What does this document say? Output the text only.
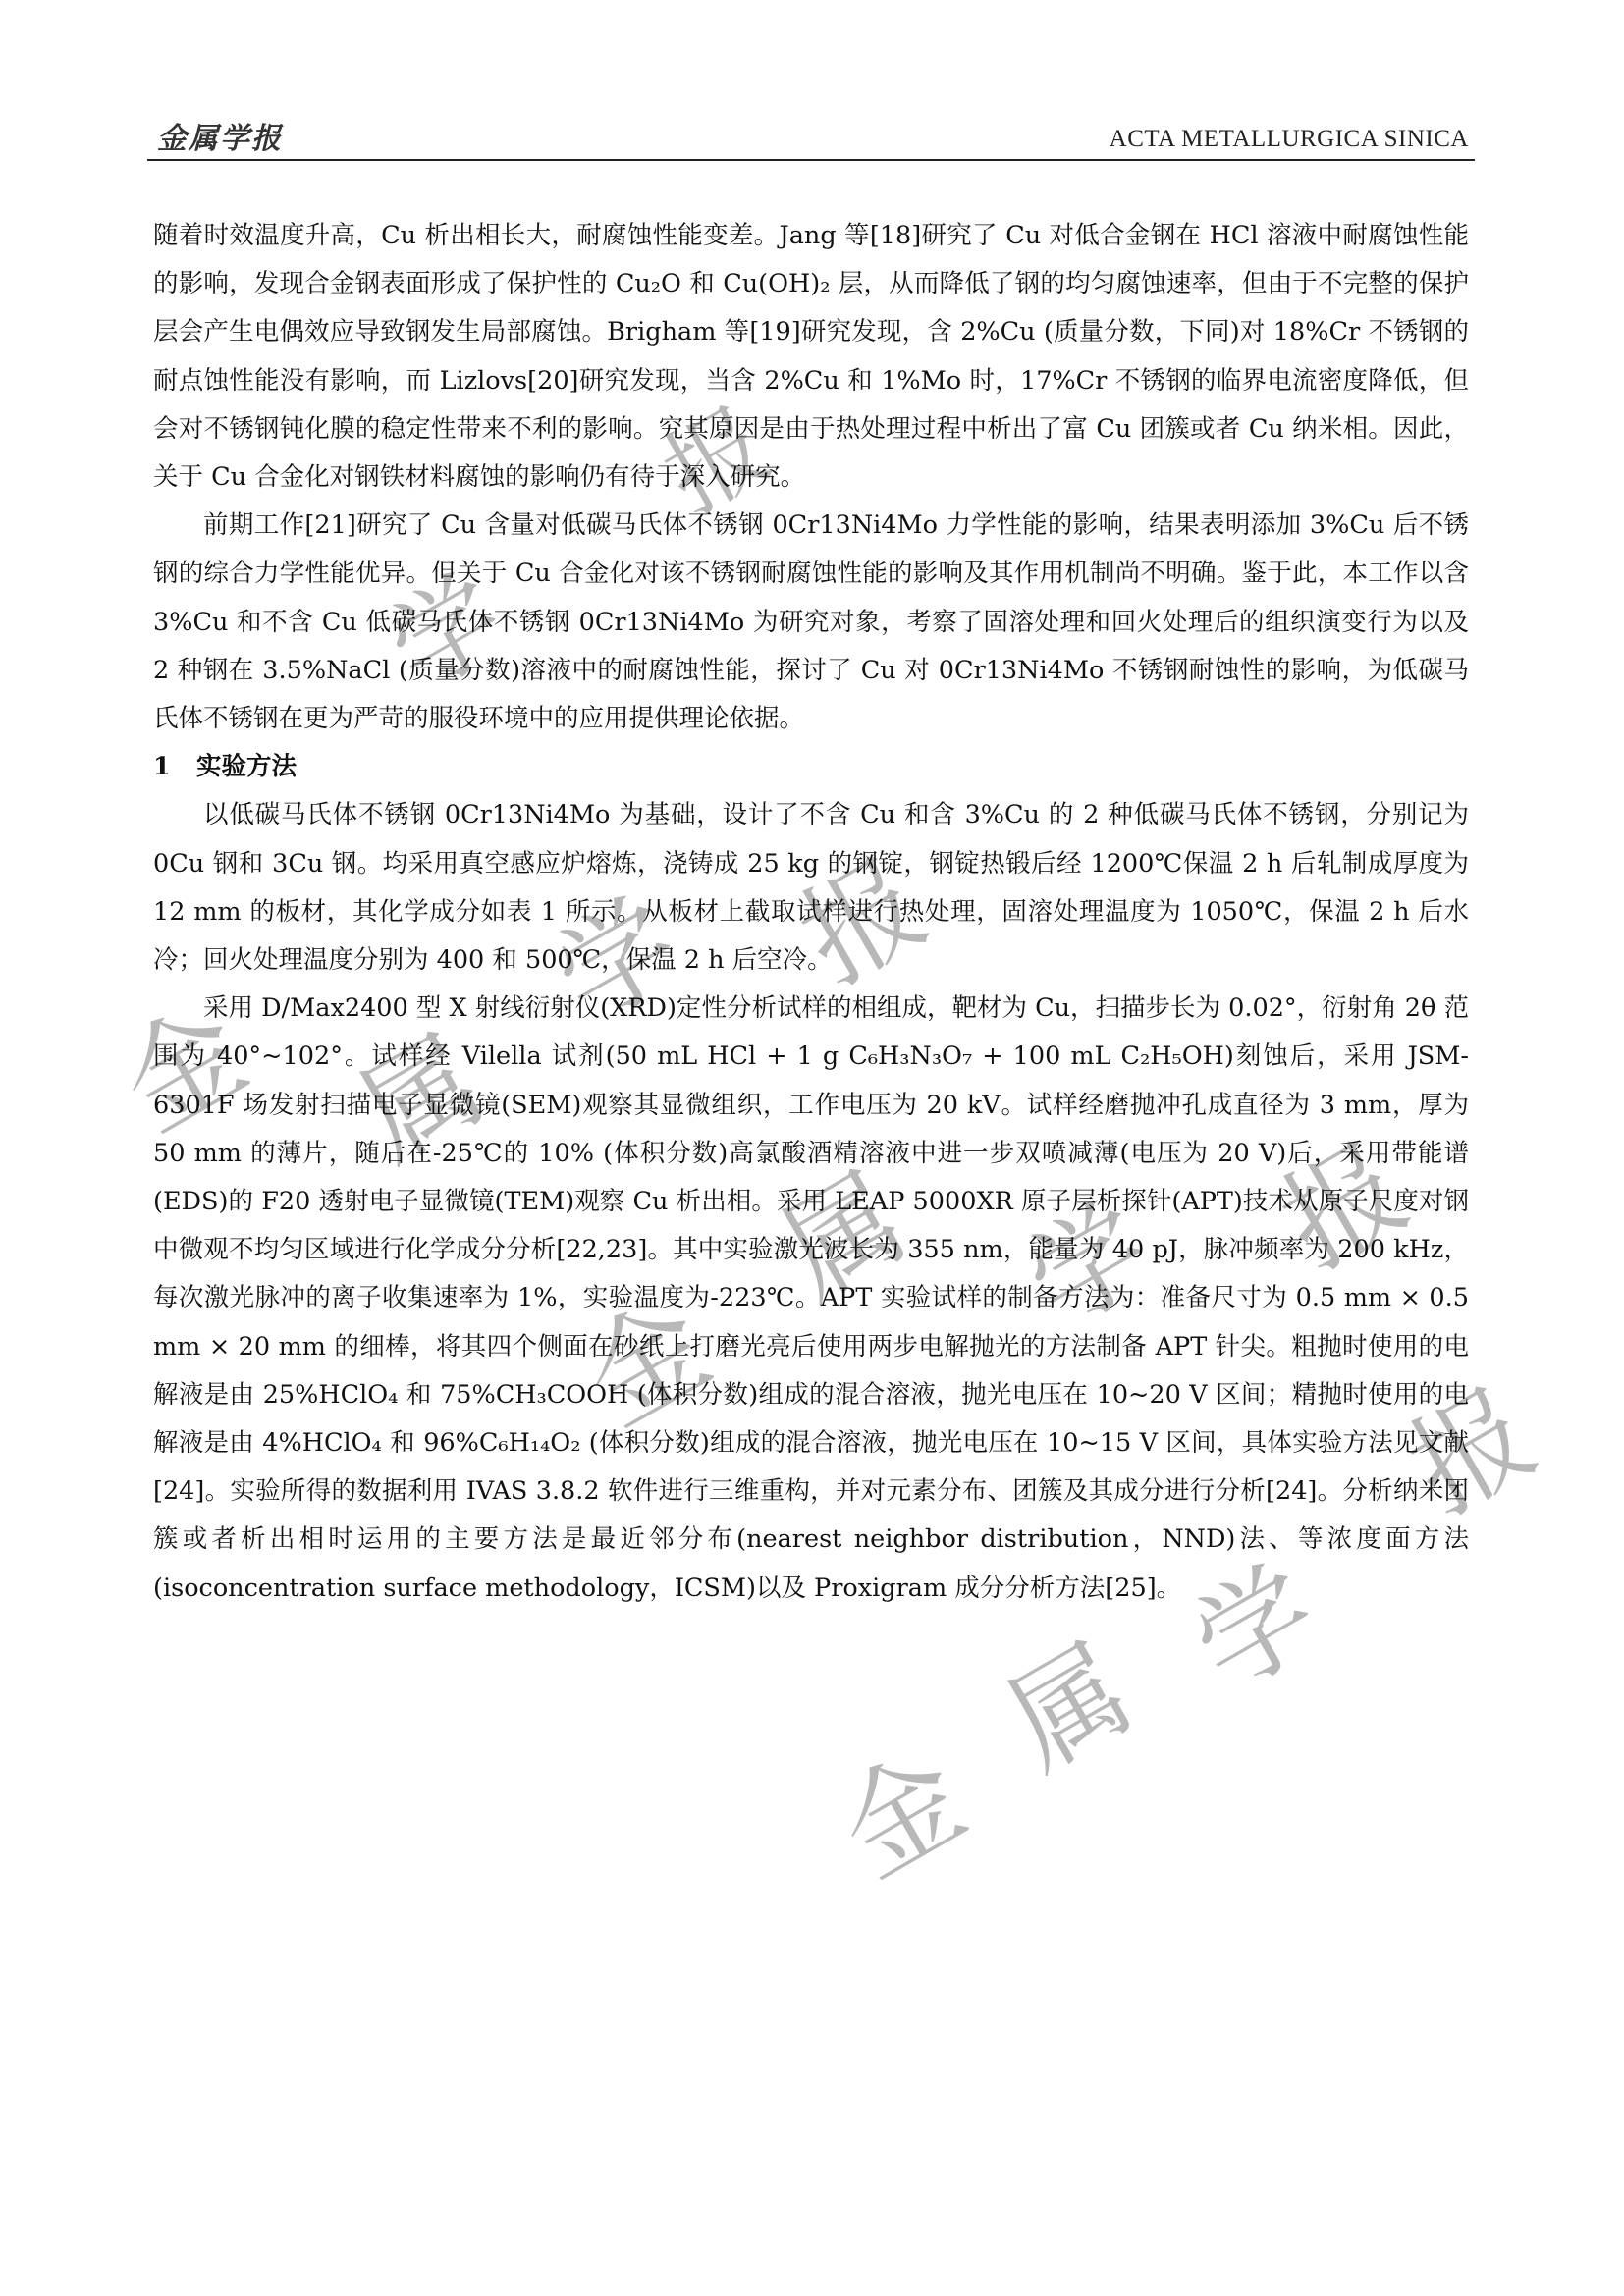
金属学报	ACTA METALLURGICA SINICA

随着时效温度升高，Cu 析出相长大，耐腐蚀性能变差。Jang 等[18]研究了 Cu 对低合金钢在 HCl 溶液中耐腐蚀性能的影响，发现合金钢表面形成了保护性的 Cu₂O 和 Cu(OH)₂ 层，从而降低了钢的均匀腐蚀速率，但由于不完整的保护层会产生电偶效应导致钢发生局部腐蚀。Brigham 等[19]研究发现，含 2%Cu (质量分数，下同)对 18%Cr 不锈钢的耐点蚀性能没有影响，而 Lizlovs[20]研究发现，当含 2%Cu 和 1%Mo 时，17%Cr 不锈钢的临界电流密度降低，但会对不锈钢钝化膜的稳定性带来不利的影响。究其原因是由于热处理过程中析出了富 Cu 团簇或者 Cu 纳米相。因此，关于 Cu 合金化对钢铁材料腐蚀的影响仍有待于深入研究。

前期工作[21]研究了 Cu 含量对低碳马氏体不锈钢 0Cr13Ni4Mo 力学性能的影响，结果表明添加 3%Cu 后不锈钢的综合力学性能优异。但关于 Cu 合金化对该不锈钢耐腐蚀性能的影响及其作用机制尚不明确。鉴于此，本工作以含 3%Cu 和不含 Cu 低碳马氏体不锈钢 0Cr13Ni4Mo 为研究对象，考察了固溶处理和回火处理后的组织演变行为以及 2 种钢在 3.5%NaCl (质量分数)溶液中的耐腐蚀性能，探讨了 Cu 对 0Cr13Ni4Mo 不锈钢耐蚀性的影响，为低碳马氏体不锈钢在更为严苛的服役环境中的应用提供理论依据。

1 实验方法

以低碳马氏体不锈钢 0Cr13Ni4Mo 为基础，设计了不含 Cu 和含 3%Cu 的 2 种低碳马氏体不锈钢，分别记为 0Cu 钢和 3Cu 钢。均采用真空感应炉熔炼，浇铸成 25 kg 的钢锭，钢锭热锻后经 1200℃保温 2 h 后轧制成厚度为 12 mm 的板材，其化学成分如表 1 所示。从板材上截取试样进行热处理，固溶处理温度为 1050℃，保温 2 h 后水冷；回火处理温度分别为 400 和 500℃，保温 2 h 后空冷。

采用 D/Max2400 型 X 射线衍射仪(XRD)定性分析试样的相组成，靶材为 Cu，扫描步长为 0.02°，衍射角 2θ 范围为 40°~102°。试样经 Vilella 试剂(50 mL HCl + 1 g C₆H₃N₃O₇ + 100 mL C₂H₅OH)刻蚀后，采用 JSM-6301F 场发射扫描电子显微镜(SEM)观察其显微组织，工作电压为 20 kV。试样经磨抛冲孔成直径为 3 mm，厚为 50 mm 的薄片，随后在-25℃的 10% (体积分数)高氯酸酒精溶液中进一步双喷减薄(电压为 20 V)后，采用带能谱(EDS)的 F20 透射电子显微镜(TEM)观察 Cu 析出相。采用 LEAP 5000XR 原子层析探针(APT)技术从原子尺度对钢中微观不均匀区域进行化学成分分析[22,23]。其中实验激光波长为 355 nm，能量为 40 pJ，脉冲频率为 200 kHz，每次激光脉冲的离子收集速率为 1%，实验温度为-223℃。APT 实验试样的制备方法为：准备尺寸为 0.5 mm × 0.5 mm × 20 mm 的细棒，将其四个侧面在砂纸上打磨光亮后使用两步电解抛光的方法制备 APT 针尖。粗抛时使用的电解液是由 25%HClO₄ 和 75%CH₃COOH (体积分数)组成的混合溶液，抛光电压在 10~20 V 区间；精抛时使用的电解液是由 4%HClO₄ 和 96%C₆H₁₄O₂ (体积分数)组成的混合溶液，抛光电压在 10~15 V 区间，具体实验方法见文献[24]。实验所得的数据利用 IVAS 3.8.2 软件进行三维重构，并对元素分布、团簇及其成分进行分析[24]。分析纳米团簇或者析出相时运用的主要方法是最近邻分布(nearest neighbor distribution，NND)法、等浓度面方法(isoconcentration surface methodology，ICSM)以及 Proxigram 成分分析方法[25]。

学
报
金 属
学 报
金
属 学 报
金
属 学
报
